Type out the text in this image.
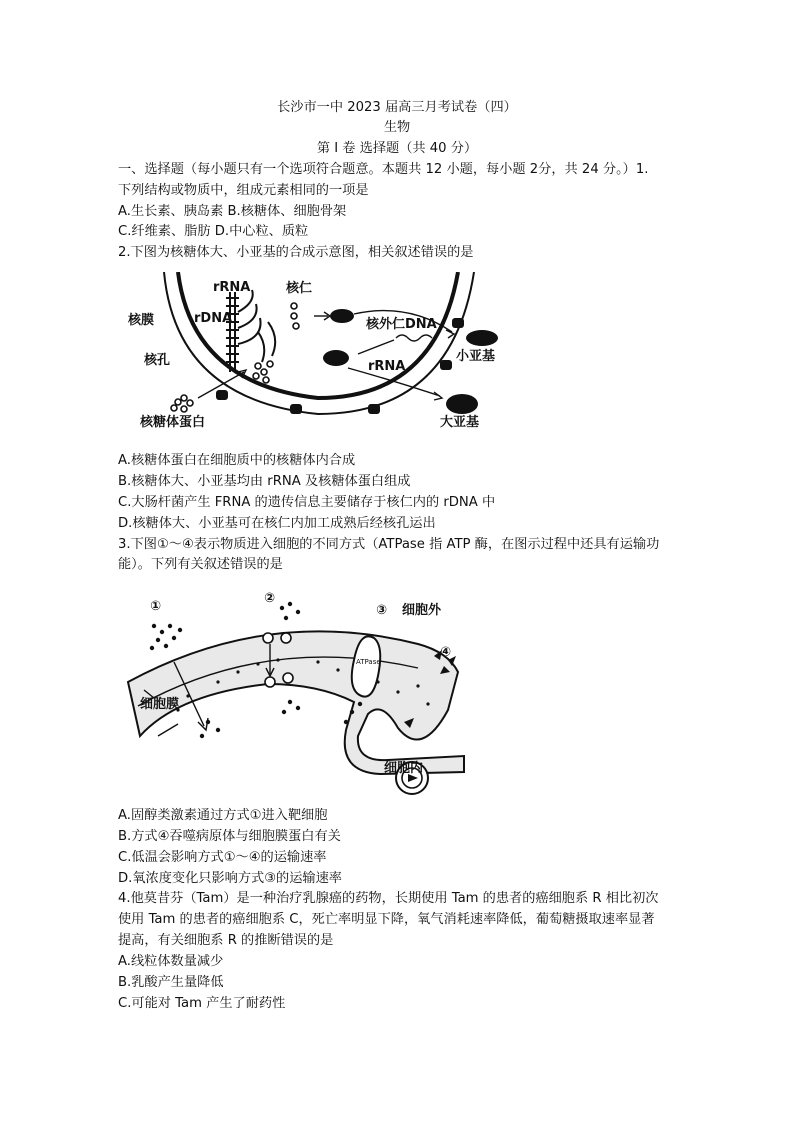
长沙市一中 2023 届高三月考试卷（四）
生物
第 I 卷 选择题（共 40 分）
一、选择题（每小题只有一个选项符合题意。本题共 12 小题，每小题 2分，共 24 分。）1.
下列结构或物质中，组成元素相同的一项是
A.生长素、胰岛素 B.核糖体、细胞骨架
C.纤维素、脂肪 D.中心粒、质粒
2.下图为核糖体大、小亚基的合成示意图，相关叙述错误的是
rRNA	核仁
rDNA
核膜	核外仁DNA
核孔	小亚基
rRNA
核糖体蛋白	大亚基
A.核糖体蛋白在细胞质中的核糖体内合成
B.核糖体大、小亚基均由 rRNA 及核糖体蛋白组成
C.大肠杆菌产生 FRNA 的遗传信息主要储存于核仁内的 rDNA 中
D.核糖体大、小亚基可在核仁内加工成熟后经核孔运出
3.下图①～④表示物质进入细胞的不同方式（ATPase 指 ATP 酶，在图示过程中还具有运输功
能）。下列有关叙述错误的是
①
②
③
④
细胞外
细胞膜
细胞内
ATPase
A.固醇类激素通过方式①进入靶细胞
B.方式④吞噬病原体与细胞膜蛋白有关
C.低温会影响方式①～④的运输速率
D.氧浓度变化只影响方式③的运输速率
4.他莫昔芬（Tam）是一种治疗乳腺癌的药物，长期使用 Tam 的患者的癌细胞系 R 相比初次
使用 Tam 的患者的癌细胞系 C，死亡率明显下降，氧气消耗速率降低，葡萄糖摄取速率显著
提高，有关细胞系 R 的推断错误的是
A.线粒体数量减少
B.乳酸产生量降低
C.可能对 Tam 产生了耐药性
